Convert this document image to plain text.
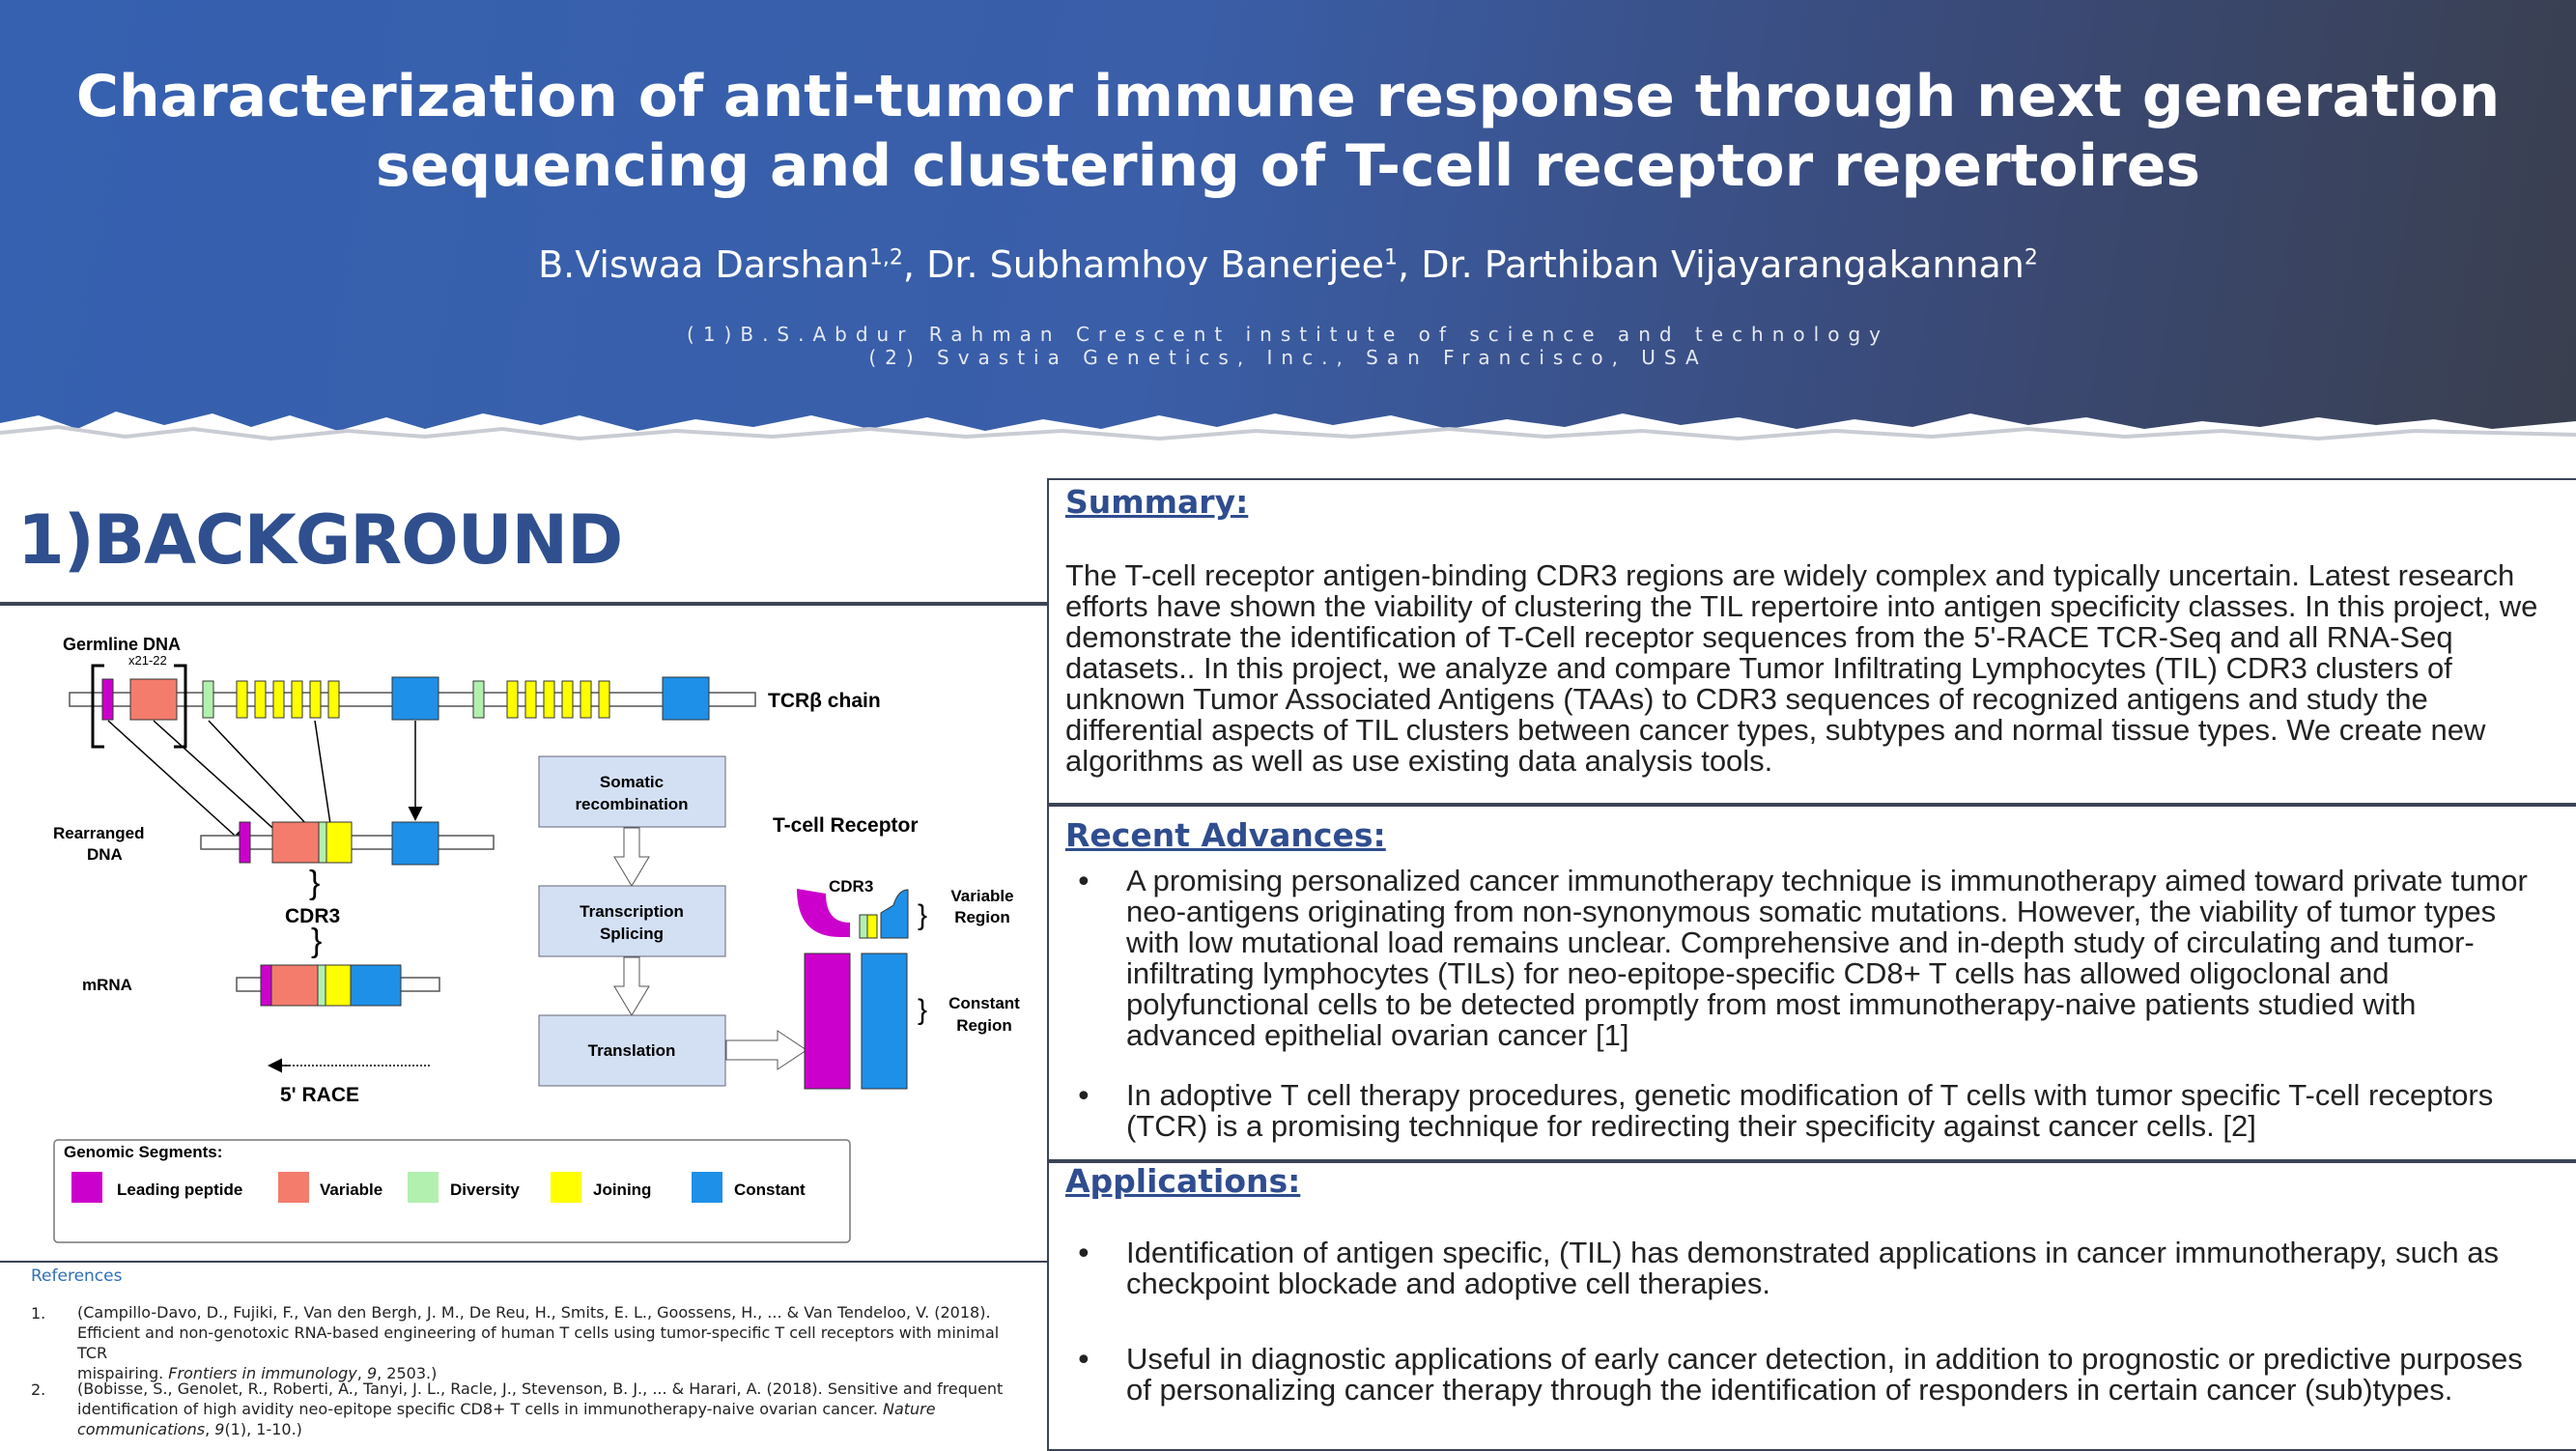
Characterization of anti-tumor immune response through next generation
sequencing and clustering of T-cell receptor repertoires
B.Viswaa Darshan$^{1,2}$, Dr. Subhamhoy Banerjee$^1$, Dr. Parthiban Vijayarangakannan$^2$
(1)B.S.Abdur Rahman Crescent institute of science and technology
(2) Svastia Genetics, Inc., San Francisco, USA
1)BACKGROUND
Germline DNA
x21-22
TCRβ chain
Rearranged
DNA
}
CDR3
mRNA
}
5' RACE
Somatic
recombination
Transcription
Splicing
Translation
T-cell Receptor
CDR3
}
Variable
Region
} Constant
Region
Genomic Segments:
Leading peptide	Variable	Diversity	Joining	Constant
References
1. (Campillo-Davo, D., Fujiki, F., Van den Bergh, J. M., De Reu, H., Smits, E. L., Goossens, H., ... & Van Tendeloo, V. (2018).
Efficient and non-genotoxic RNA-based engineering of human T cells using tumor-specific T cell receptors with minimal TCR
mispairing. Frontiers in immunology, 9, 2503.)
2. (Bobisse, S., Genolet, R., Roberti, A., Tanyi, J. L., Racle, J., Stevenson, B. J., ... & Harari, A. (2018). Sensitive and frequent
identification of high avidity neo-epitope specific CD8+ T cells in immunotherapy-naive ovarian cancer. Nature
communications, 9(1), 1-10.)
Summary:
The T-cell receptor antigen-binding CDR3 regions are widely complex and typically uncertain. Latest research efforts have shown the viability of clustering the TIL repertoire into antigen specificity classes. In this project, we demonstrate the identification of T-Cell receptor sequences from the 5'-RACE TCR-Seq and all RNA-Seq datasets.. In this project, we analyze and compare Tumor Infiltrating Lymphocytes (TIL) CDR3 clusters of unknown Tumor Associated Antigens (TAAs) to CDR3 sequences of recognized antigens and study the differential aspects of TIL clusters between cancer types, subtypes and normal tissue types. We create new algorithms as well as use existing data analysis tools.
Recent Advances:
• A promising personalized cancer immunotherapy technique is immunotherapy aimed toward private tumor neo-antigens originating from non-synonymous somatic mutations. However, the viability of tumor types with low mutational load remains unclear. Comprehensive and in-depth study of circulating and tumor-infiltrating lymphocytes (TILs) for neo-epitope-specific CD8+ T cells has allowed oligoclonal and polyfunctional cells to be detected promptly from most immunotherapy-naive patients studied with advanced epithelial ovarian cancer [1]
• In adoptive T cell therapy procedures, genetic modification of T cells with tumor specific T-cell receptors (TCR) is a promising technique for redirecting their specificity against cancer cells. [2]
Applications:
• Identification of antigen specific, (TIL) has demonstrated applications in cancer immunotherapy, such as checkpoint blockade and adoptive cell therapies.
• Useful in diagnostic applications of early cancer detection, in addition to prognostic or predictive purposes of personalizing cancer therapy through the identification of responders in certain cancer (sub)types.
